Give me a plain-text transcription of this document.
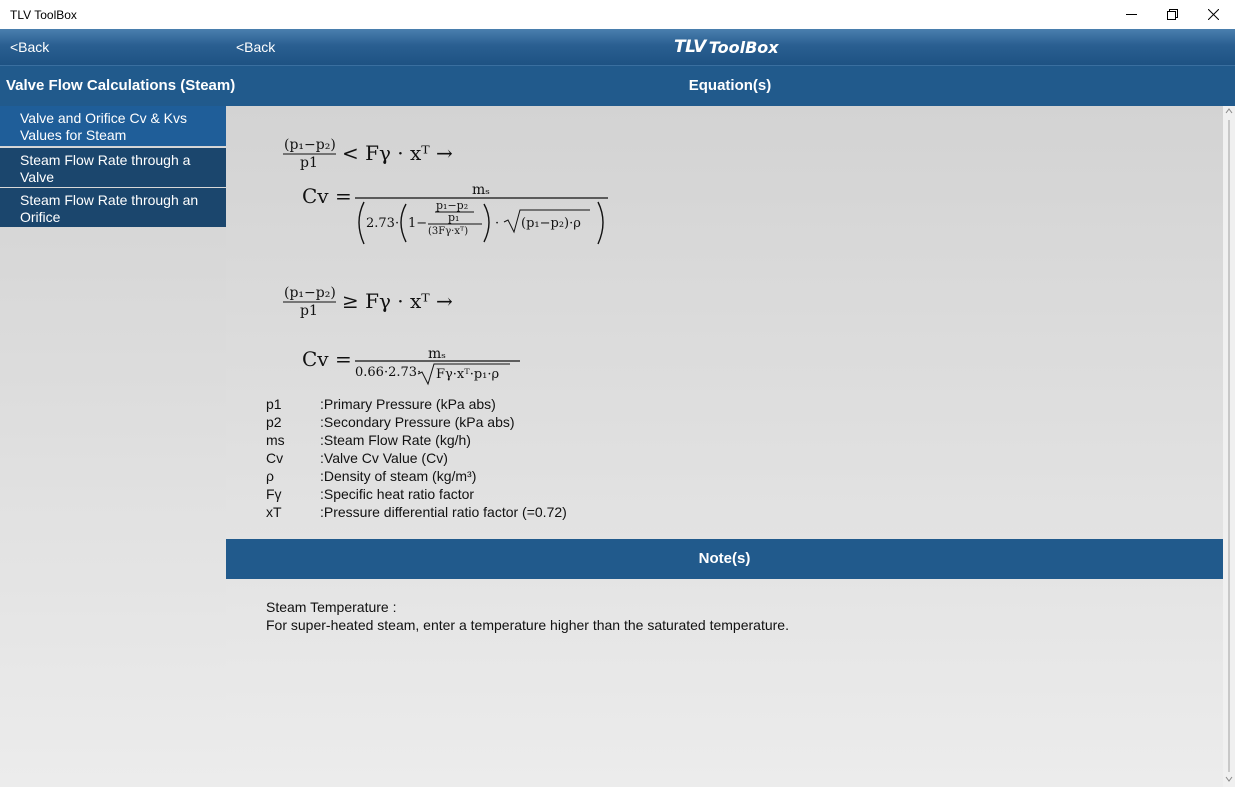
TLV ToolBox
<Back	<Back	TLV ToolBox
Valve Flow Calculations (Steam)	Equation(s)
Valve and Orifice Cv & Kvs Values for Steam
Steam Flow Rate through a Valve
Steam Flow Rate through an Orifice
(p₁−p₂)
p1 < Fγ · xᵀ →
Cv =	mₛ
2.73· 1−
p₁−p₂
p₁
(3Fγ·xᵀ)
· (p₁−p₂)·ρ
(p₁−p₂)
p1 ≥ Fγ · xᵀ →
Cv =	mₛ
0.66·2.73· Fγ·xᵀ·p₁·ρ
p1	:Primary Pressure (kPa abs)
p2	:Secondary Pressure (kPa abs)
ms	:Steam Flow Rate (kg/h)
Cv	:Valve Cv Value (Cv)
ρ	:Density of steam (kg/m³)
Fγ	:Specific heat ratio factor
xT	:Pressure differential ratio factor (=0.72)
Note(s)
Steam Temperature :
For super-heated steam, enter a temperature higher than the saturated temperature.
